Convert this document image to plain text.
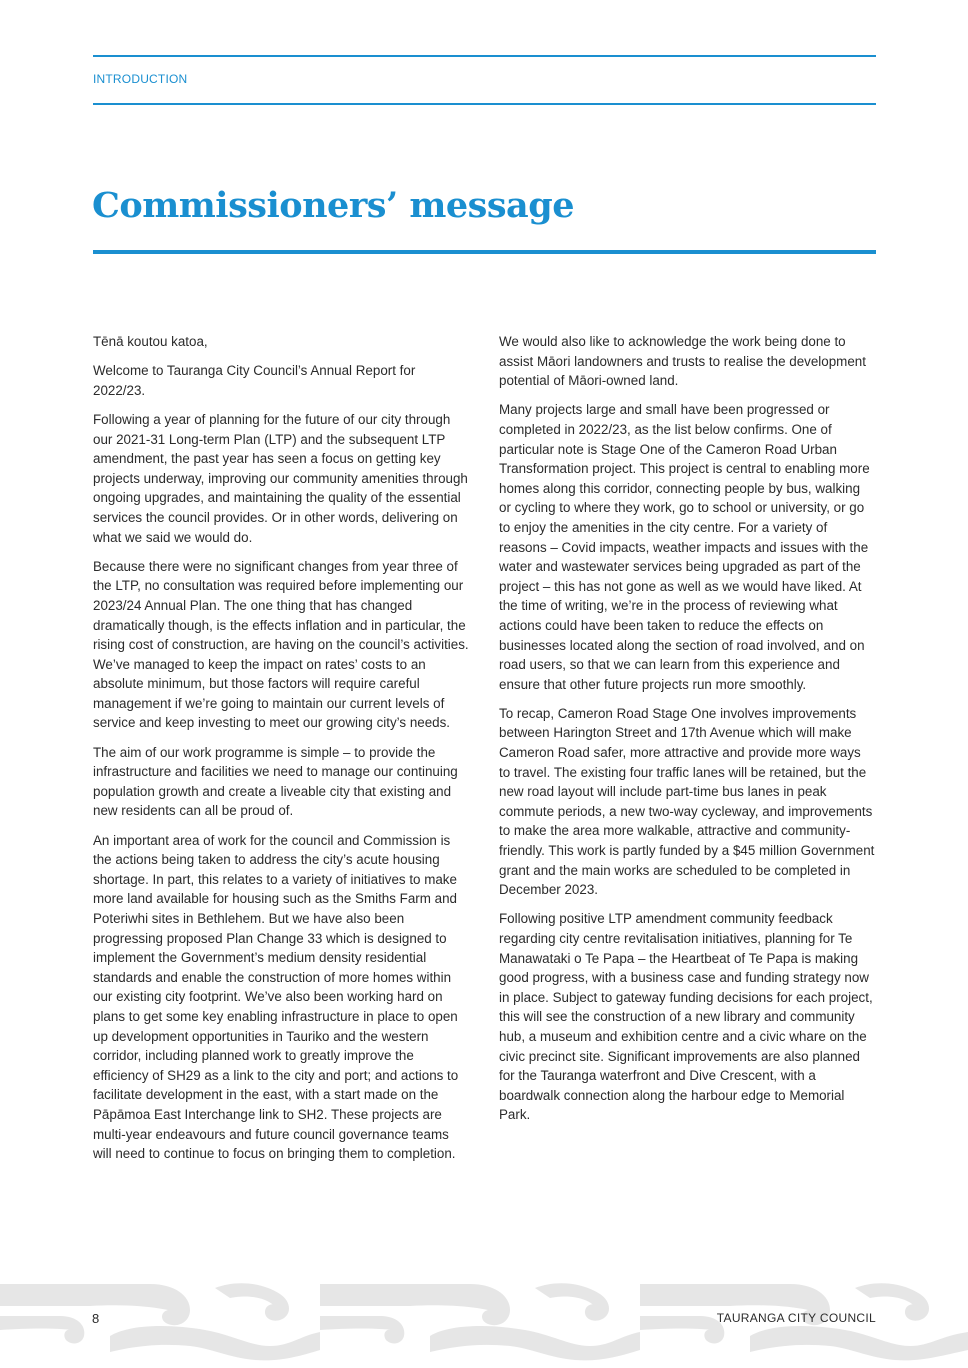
INTRODUCTION
Commissioners’ message

Tēnā koutou katoa,

Welcome to Tauranga City Council’s Annual Report for 2022/23.

Following a year of planning for the future of our city through our 2021-31 Long-term Plan (LTP) and the subsequent LTP amendment, the past year has seen a focus on getting key projects underway, improving our community amenities through ongoing upgrades, and maintaining the quality of the essential services the council provides. Or in other words, delivering on what we said we would do.

Because there were no significant changes from year three of the LTP, no consultation was required before implementing our 2023/24 Annual Plan. The one thing that has changed dramatically though, is the effects inflation and in particular, the rising cost of construction, are having on the council’s activities. We’ve managed to keep the impact on rates’ costs to an absolute minimum, but those factors will require careful management if we’re going to maintain our current levels of service and keep investing to meet our growing city’s needs.

The aim of our work programme is simple – to provide the infrastructure and facilities we need to manage our continuing population growth and create a liveable city that existing and new residents can all be proud of.

An important area of work for the council and Commission is the actions being taken to address the city’s acute housing shortage. In part, this relates to a variety of initiatives to make more land available for housing such as the Smiths Farm and Poteriwhi sites in Bethlehem. But we have also been progressing proposed Plan Change 33 which is designed to implement the Government’s medium density residential standards and enable the construction of more homes within our existing city footprint. We’ve also been working hard on plans to get some key enabling infrastructure in place to open up development opportunities in Tauriko and the western corridor, including planned work to greatly improve the efficiency of SH29 as a link to the city and port; and actions to facilitate development in the east, with a start made on the Pāpāmoa East Interchange link to SH2. These projects are multi-year endeavours and future council governance teams will need to continue to focus on bringing them to completion.

We would also like to acknowledge the work being done to assist Māori landowners and trusts to realise the development potential of Māori-owned land.

Many projects large and small have been progressed or completed in 2022/23, as the list below confirms. One of particular note is Stage One of the Cameron Road Urban Transformation project. This project is central to enabling more homes along this corridor, connecting people by bus, walking or cycling to where they work, go to school or university, or go to enjoy the amenities in the city centre. For a variety of reasons – Covid impacts, weather impacts and issues with the water and wastewater services being upgraded as part of the project – this has not gone as well as we would have liked. At the time of writing, we’re in the process of reviewing what actions could have been taken to reduce the effects on businesses located along the section of road involved, and on road users, so that we can learn from this experience and ensure that other future projects run more smoothly.

To recap, Cameron Road Stage One involves improvements between Harington Street and 17th Avenue which will make Cameron Road safer, more attractive and provide more ways to travel. The existing four traffic lanes will be retained, but the new road layout will include part-time bus lanes in peak commute periods, a new two-way cycleway, and improvements to make the area more walkable, attractive and community-friendly. This work is partly funded by a $45 million Government grant and the main works are scheduled to be completed in December 2023.

Following positive LTP amendment community feedback regarding city centre revitalisation initiatives, planning for Te Manawataki o Te Papa – the Heartbeat of Te Papa is making good progress, with a business case and funding strategy now in place. Subject to gateway funding decisions for each project, this will see the construction of a new library and community hub, a museum and exhibition centre and a civic whare on the civic precinct site. Significant improvements are also planned for the Tauranga waterfront and Dive Crescent, with a boardwalk connection along the harbour edge to Memorial Park.

8	TAURANGA CITY COUNCIL
